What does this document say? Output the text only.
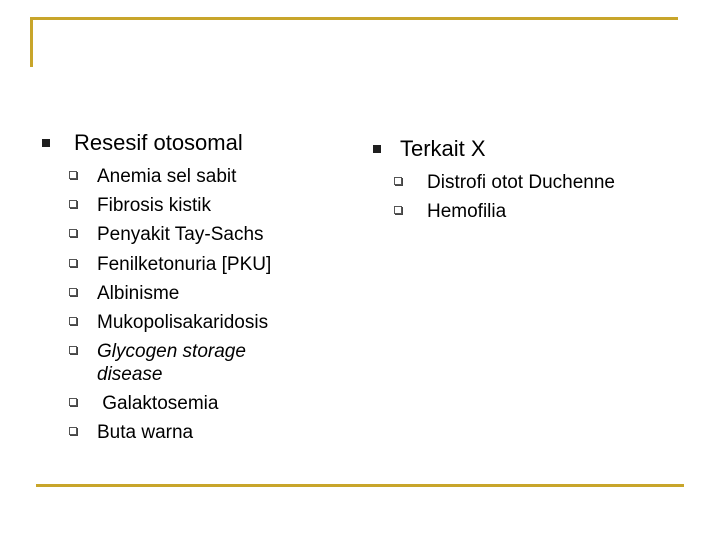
Resesif otosomal
Anemia sel sabit
Fibrosis kistik
Penyakit Tay-Sachs
Fenilketonuria [PKU]
Albinisme
Mukopolisakaridosis
Glycogen storage disease
Galaktosemia
Buta warna
Terkait X
Distrofi otot Duchenne
Hemofilia
